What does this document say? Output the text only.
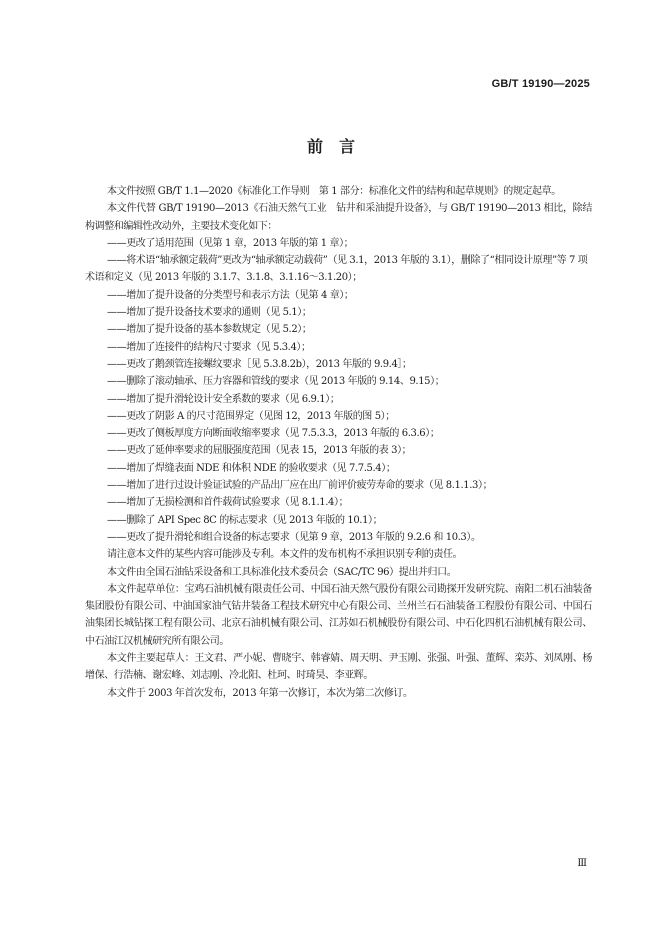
GB/T 19190—2025
前　言

本文件按照 GB/T 1.1—2020《标准化工作导则　第 1 部分：标准化文件的结构和起草规则》的规定起草。

本文件代替 GB/T 19190—2013《石油天然气工业　钻井和采油提升设备》，与 GB/T 19190—2013 相比，除结构调整和编辑性改动外，主要技术变化如下：

——更改了适用范围（见第 1 章，2013 年版的第 1 章）；
——将术语“轴承额定载荷”更改为“轴承额定动载荷”（见 3.1，2013 年版的 3.1），删除了“相同设计原理”等 7 项术语和定义（见 2013 年版的 3.1.7、3.1.8、3.1.16～3.1.20）；
——增加了提升设备的分类型号和表示方法（见第 4 章）；
——增加了提升设备技术要求的通则（见 5.1）；
——增加了提升设备的基本参数规定（见 5.2）；
——增加了连接件的结构尺寸要求（见 5.3.4）；
——更改了鹅颈管连接螺纹要求［见 5.3.8.2b），2013 年版的 9.9.4］；
——删除了滚动轴承、压力容器和管线的要求（见 2013 年版的 9.14、9.15）；
——增加了提升滑轮设计安全系数的要求（见 6.9.1）；
——更改了阴影 A 的尺寸范围界定（见图 12，2013 年版的图 5）；
——更改了侧板厚度方向断面收缩率要求（见 7.5.3.3，2013 年版的 6.3.6）；
——更改了延伸率要求的屈服强度范围（见表 15，2013 年版的表 3）；
——增加了焊缝表面 NDE 和体积 NDE 的验收要求（见 7.7.5.4）；
——增加了进行过设计验证试验的产品出厂应在出厂前评价疲劳寿命的要求（见 8.1.1.3）；
——增加了无损检测和首件载荷试验要求（见 8.1.1.4）；
——删除了 API Spec 8C 的标志要求（见 2013 年版的 10.1）；
——更改了提升滑轮和组合设备的标志要求（见第 9 章，2013 年版的 9.2.6 和 10.3）。

请注意本文件的某些内容可能涉及专利。本文件的发布机构不承担识别专利的责任。

本文件由全国石油钻采设备和工具标准化技术委员会（SAC/TC 96）提出并归口。

本文件起草单位：宝鸡石油机械有限责任公司、中国石油天然气股份有限公司勘探开发研究院、南阳二机石油装备集团股份有限公司、中油国家油气钻井装备工程技术研究中心有限公司、兰州兰石石油装备工程股份有限公司、中国石油集团长城钻探工程有限公司、北京石油机械有限公司、江苏如石机械股份有限公司、中石化四机石油机械有限公司、中石油江汉机械研究所有限公司。

本文件主要起草人：王文君、严小妮、曹晓宇、韩睿婧、周天明、尹玉刚、张强、叶强、董辉、栾苏、刘凤刚、杨增保、行浩楠、谢宏峰、刘志刚、冷北阳、杜珂、时琦昊、李亚辉。

本文件于 2003 年首次发布，2013 年第一次修订，本次为第二次修订。

Ⅲ
